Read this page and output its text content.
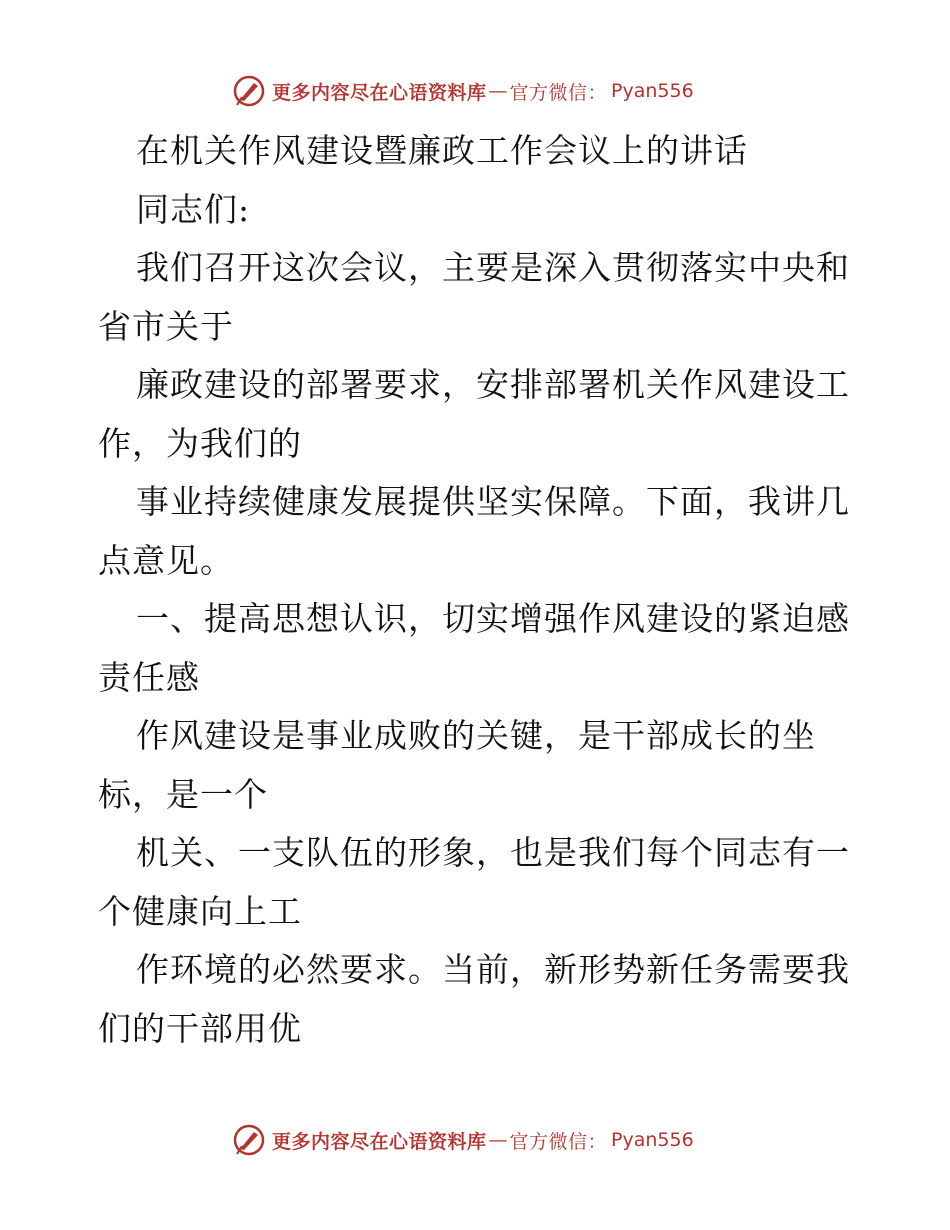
更多内容尽在心语资料库 — 官方微信： Pyan556
在机关作风建设暨廉政工作会议上的讲话
同志们:
我们召开这次会议，主要是深入贯彻落实中央和
省市关于
廉政建设的部署要求，安排部署机关作风建设工
作，为我们的
事业持续健康发展提供坚实保障。下面，我讲几
点意见。
一、提高思想认识，切实增强作风建设的紧迫感
责任感
作风建设是事业成败的关键，是干部成长的坐
标，是一个
机关、一支队伍的形象，也是我们每个同志有一
个健康向上工
作环境的必然要求。当前，新形势新任务需要我
们的干部用优
更多内容尽在心语资料库 — 官方微信： Pyan556
